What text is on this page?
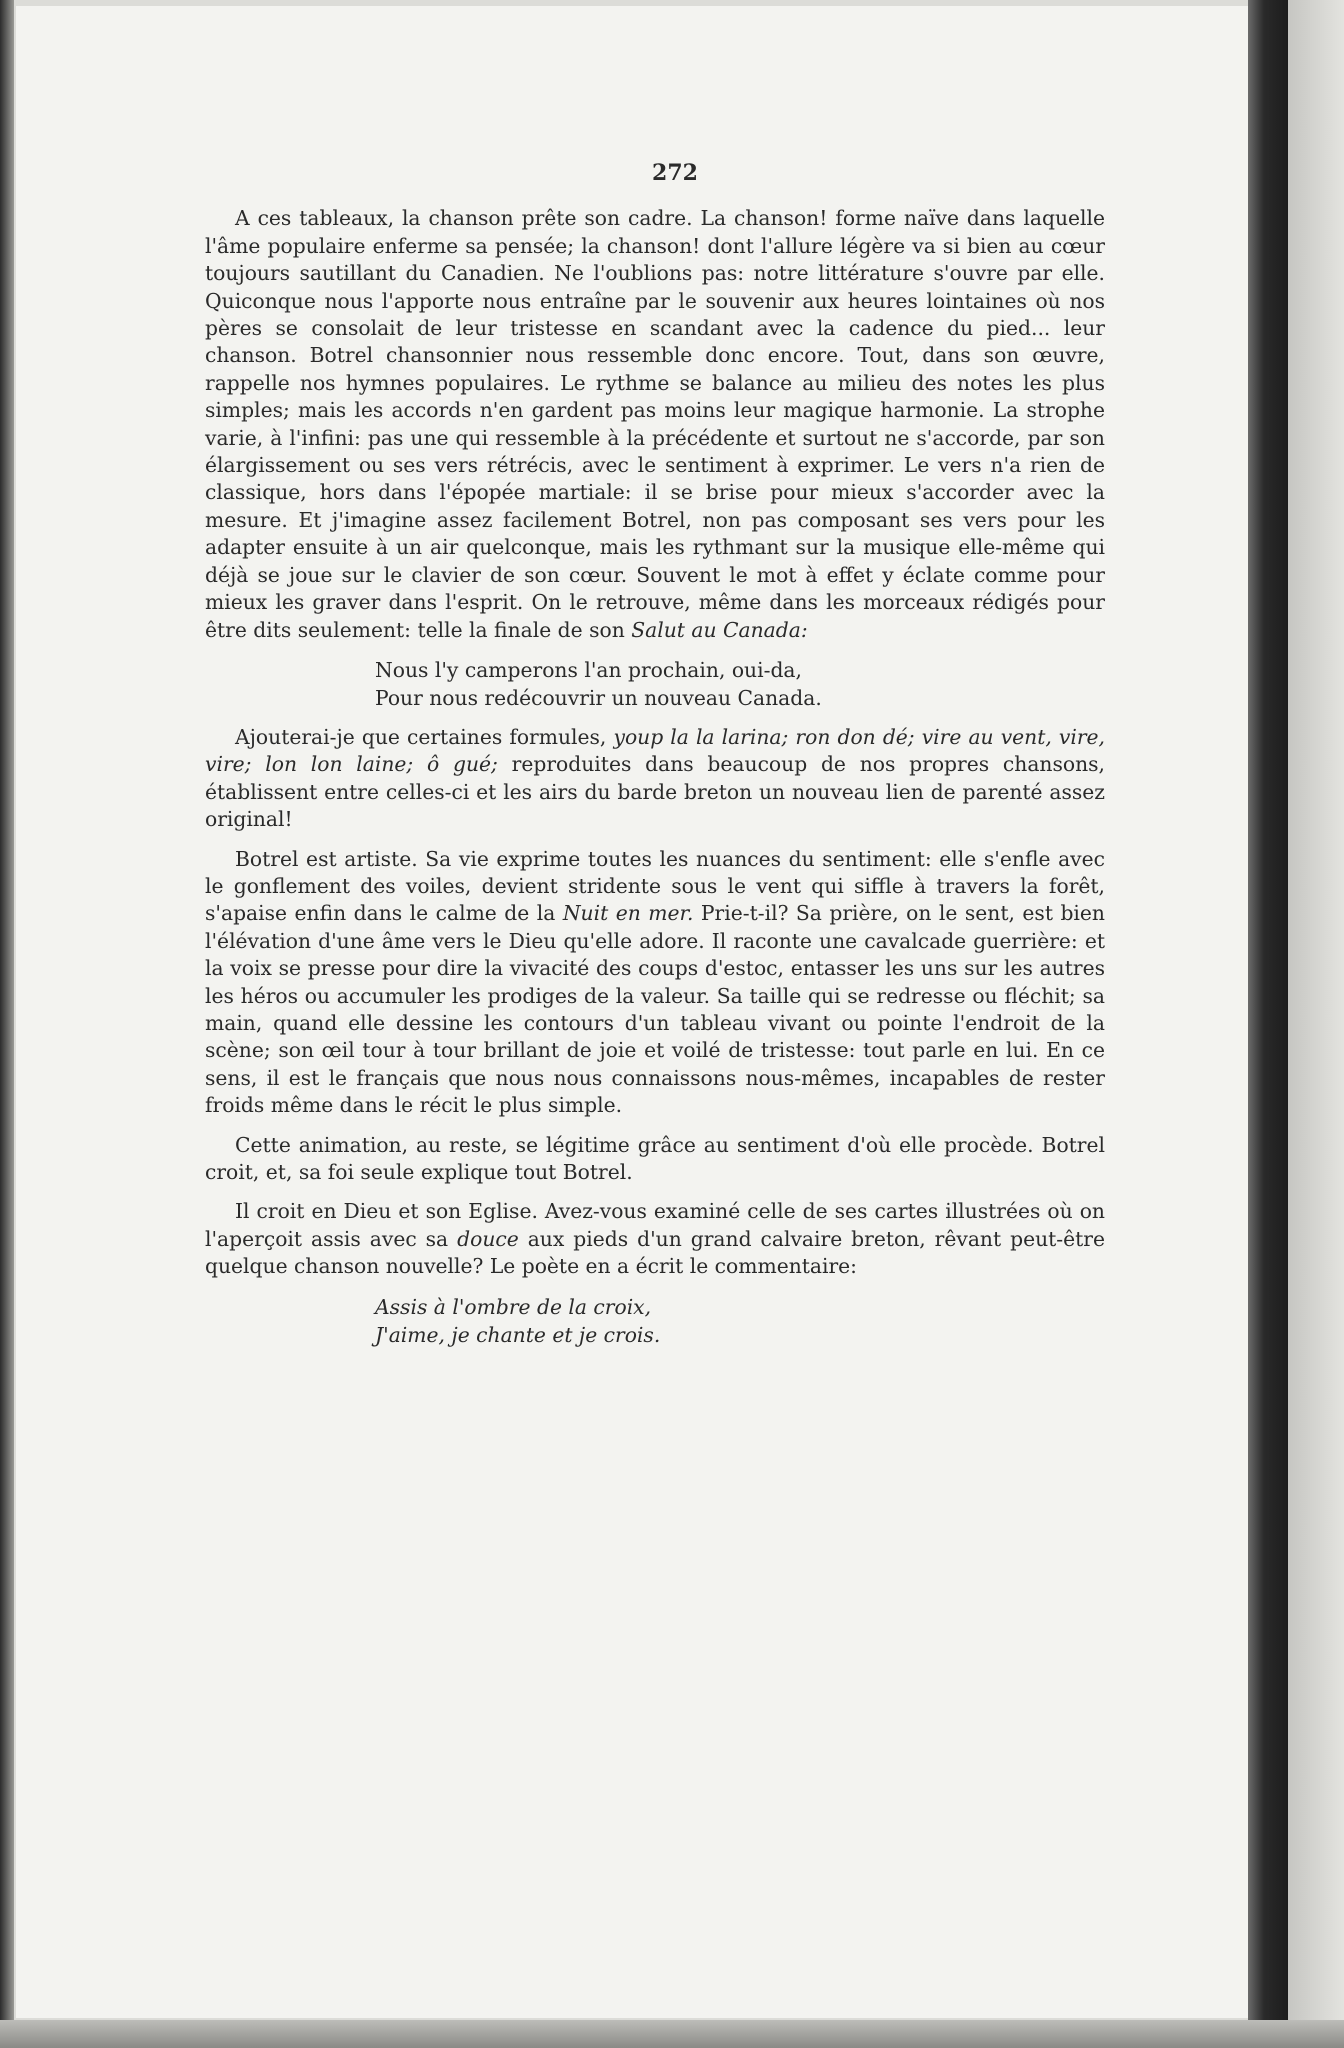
272

A ces tableaux, la chanson prête son cadre. La chanson! forme naïve dans laquelle l'âme populaire enferme sa pensée; la chanson! dont l'allure légère va si bien au cœur toujours sautillant du Canadien. Ne l'oublions pas: notre littérature s'ouvre par elle. Quiconque nous l'apporte nous entraîne par le souvenir aux heures lointaines où nos pères se consolait de leur tristesse en scandant avec la cadence du pied... leur chanson. Botrel chansonnier nous ressemble donc encore. Tout, dans son œuvre, rappelle nos hymnes populaires. Le rythme se balance au milieu des notes les plus simples; mais les accords n'en gardent pas moins leur magique harmonie. La strophe varie, à l'infini: pas une qui ressemble à la précédente et surtout ne s'accorde, par son élargissement ou ses vers rétrécis, avec le sentiment à exprimer. Le vers n'a rien de classique, hors dans l'épopée martiale: il se brise pour mieux s'accorder avec la mesure. Et j'imagine assez facilement Botrel, non pas composant ses vers pour les adapter ensuite à un air quelconque, mais les rythmant sur la musique elle-même qui déjà se joue sur le clavier de son cœur. Souvent le mot à effet y éclate comme pour mieux les graver dans l'esprit. On le retrouve, même dans les morceaux rédigés pour être dits seulement: telle la finale de son Salut au Canada:

Nous l'y camperons l'an prochain, oui-da,
Pour nous redécouvrir un nouveau Canada.

Ajouterai-je que certaines formules, youp la la larina; ron don dé; vire au vent, vire, vire; lon lon laine; ô gué; reproduites dans beaucoup de nos propres chansons, établissent entre celles-ci et les airs du barde breton un nouveau lien de parenté assez original!

Botrel est artiste. Sa vie exprime toutes les nuances du sentiment: elle s'enfle avec le gonflement des voiles, devient stridente sous le vent qui siffle à travers la forêt, s'apaise enfin dans le calme de la Nuit en mer. Prie-t-il? Sa prière, on le sent, est bien l'élévation d'une âme vers le Dieu qu'elle adore. Il raconte une cavalcade guerrière: et la voix se presse pour dire la vivacité des coups d'estoc, entasser les uns sur les autres les héros ou accumuler les prodiges de la valeur. Sa taille qui se redresse ou fléchit; sa main, quand elle dessine les contours d'un tableau vivant ou pointe l'endroit de la scène; son œil tour à tour brillant de joie et voilé de tristesse: tout parle en lui. En ce sens, il est le français que nous nous connaissons nous-mêmes, incapables de rester froids même dans le récit le plus simple.

Cette animation, au reste, se légitime grâce au sentiment d'où elle procède. Botrel croit, et, sa foi seule explique tout Botrel.

Il croit en Dieu et son Eglise. Avez-vous examiné celle de ses cartes illustrées où on l'aperçoit assis avec sa douce aux pieds d'un grand calvaire breton, rêvant peut-être quelque chanson nouvelle? Le poète en a écrit le commentaire:

Assis à l'ombre de la croix,
J'aime, je chante et je crois.
